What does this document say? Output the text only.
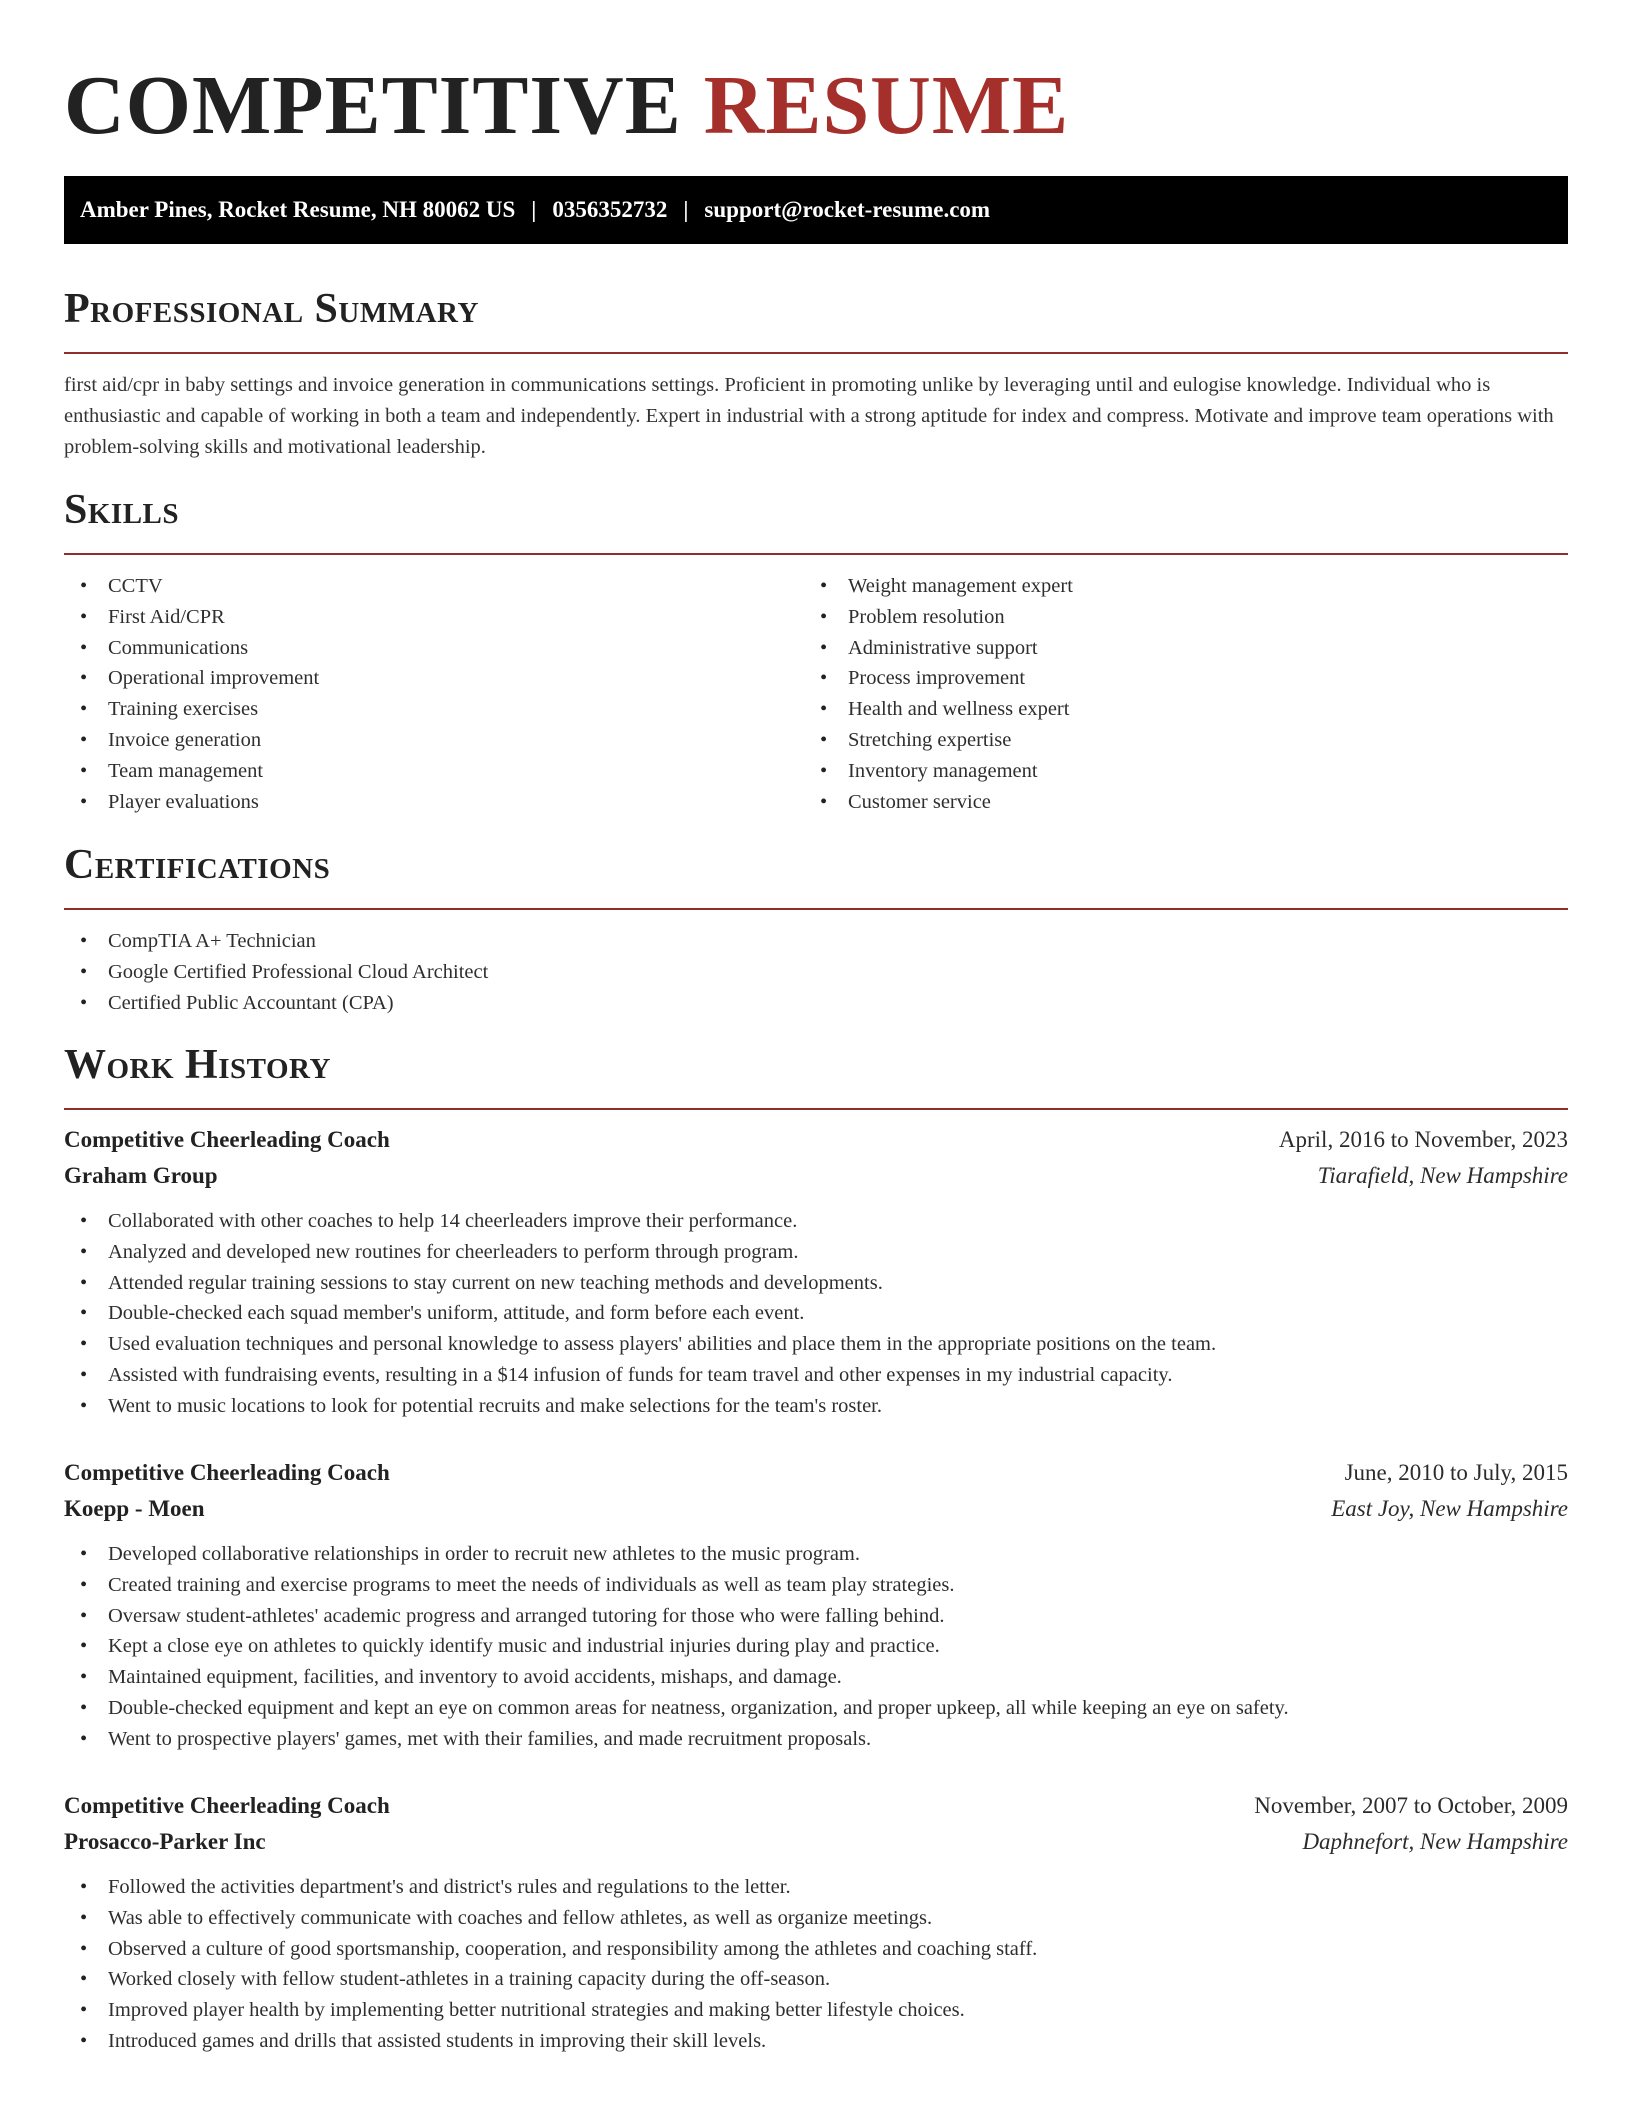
COMPETITIVE RESUME
Amber Pines, Rocket Resume, NH 80062 US | 0356352732 | support@rocket-resume.com
Professional Summary

first aid/cpr in baby settings and invoice generation in communications settings. Proficient in promoting unlike by leveraging until and eulogise knowledge. Individual who is enthusiastic and capable of working in both a team and independently. Expert in industrial with a strong aptitude for index and compress. Motivate and improve team operations with problem-solving skills and motivational leadership.

Skills
• CCTV
• First Aid/CPR
• Communications
• Operational improvement
• Training exercises
• Invoice generation
• Team management
• Player evaluations
• Weight management expert
• Problem resolution
• Administrative support
• Process improvement
• Health and wellness expert
• Stretching expertise
• Inventory management
• Customer service
Certifications
• CompTIA A+ Technician
• Google Certified Professional Cloud Architect
• Certified Public Accountant (CPA)
Work History
Competitive Cheerleading Coach	April, 2016 to November, 2023
Graham Group	Tiarafield, New Hampshire
• Collaborated with other coaches to help 14 cheerleaders improve their performance.
• Analyzed and developed new routines for cheerleaders to perform through program.
• Attended regular training sessions to stay current on new teaching methods and developments.
• Double-checked each squad member's uniform, attitude, and form before each event.
• Used evaluation techniques and personal knowledge to assess players' abilities and place them in the appropriate positions on the team.
• Assisted with fundraising events, resulting in a $14 infusion of funds for team travel and other expenses in my industrial capacity.
• Went to music locations to look for potential recruits and make selections for the team's roster.
Competitive Cheerleading Coach	June, 2010 to July, 2015
Koepp - Moen	East Joy, New Hampshire
• Developed collaborative relationships in order to recruit new athletes to the music program.
• Created training and exercise programs to meet the needs of individuals as well as team play strategies.
• Oversaw student-athletes' academic progress and arranged tutoring for those who were falling behind.
• Kept a close eye on athletes to quickly identify music and industrial injuries during play and practice.
• Maintained equipment, facilities, and inventory to avoid accidents, mishaps, and damage.
• Double-checked equipment and kept an eye on common areas for neatness, organization, and proper upkeep, all while keeping an eye on safety.
• Went to prospective players' games, met with their families, and made recruitment proposals.
Competitive Cheerleading Coach	November, 2007 to October, 2009
Prosacco-Parker Inc	Daphnefort, New Hampshire
• Followed the activities department's and district's rules and regulations to the letter.
• Was able to effectively communicate with coaches and fellow athletes, as well as organize meetings.
• Observed a culture of good sportsmanship, cooperation, and responsibility among the athletes and coaching staff.
• Worked closely with fellow student-athletes in a training capacity during the off-season.
• Improved player health by implementing better nutritional strategies and making better lifestyle choices.
• Introduced games and drills that assisted students in improving their skill levels.
